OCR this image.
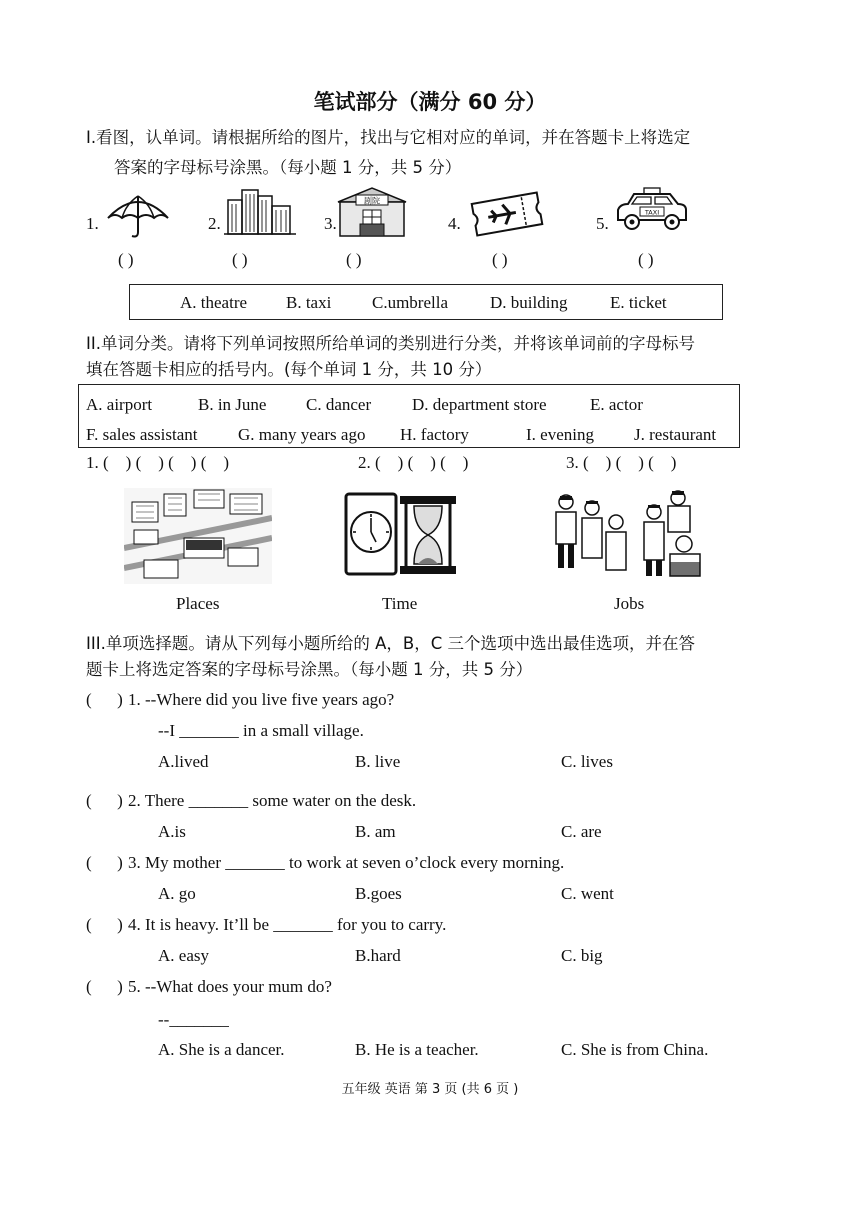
笔试部分（满分 60 分）
I.看图，认单词。请根据所给的图片，找出与它相对应的单词，并在答题卡上将选定
答案的字母标号涂黑。（每小题 1 分，共 5 分）
1.	2.	3.	4.	5.
剧院
TAXI
( )	( )	( )	( )	( )
A. theatre B. taxi C.umbrella D. building	E. ticket
II.单词分类。请将下列单词按照所给单词的类别进行分类，并将该单词前的字母标号
填在答题卡相应的括号内。(每个单词 1 分，共 10 分）
A. airport	B. in June C. dancer D. department store	E. actor
F. sales assistant G. many years ago H. factory	I. evening J. restaurant
1. (    ) (    ) (    ) (    )	2. (    ) (    ) (    )	3. (    ) (    ) (    )
Places	Time	Jobs
III.单项选择题。请从下列每小题所给的 A，B，C 三个选项中选出最佳选项，并在答
题卡上将选定答案的字母标号涂黑。（每小题 1 分，共 5 分）
(      ) 1. --Where did you live five years ago?
--I _______ in a small village.
A.lived	B. live	C. lives
(      ) 2. There _______ some water on the desk.
A.is	B. am	C. are
(      ) 3. My mother _______ to work at seven o’clock every morning.
A. go	B.goes	C. went
(      ) 4. It is heavy. It’ll be _______ for you to carry.
A. easy	B.hard	C. big
(      ) 5. --What does your mum do?
--_______
A. She is a dancer.	B. He is a teacher.	C. She is from China.
五年级 英语 第 3 页 (共 6 页 )
